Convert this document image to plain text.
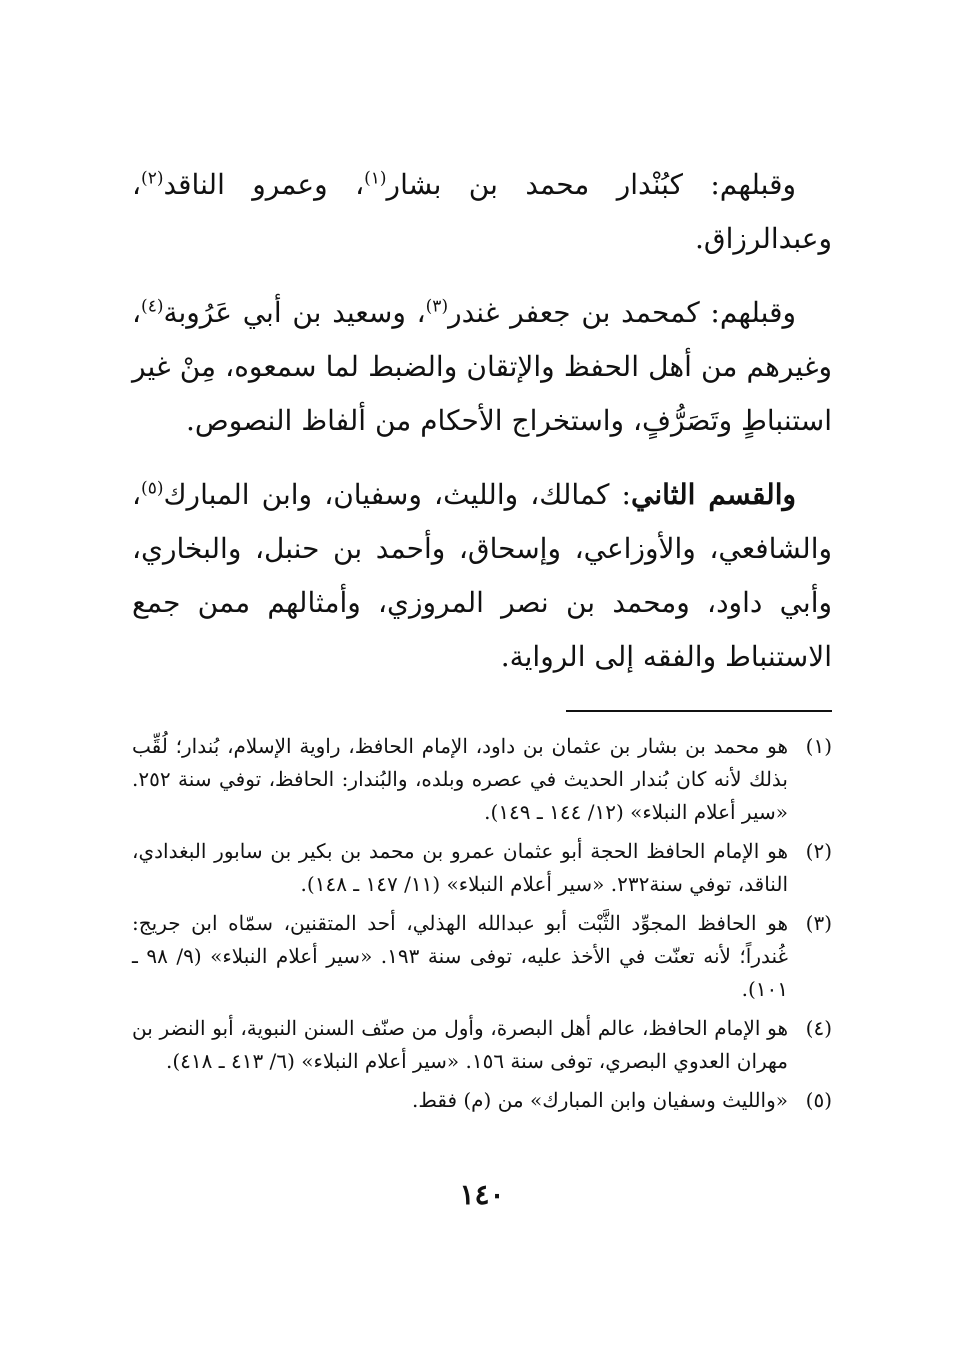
وقبلهم: كبُنْدار محمد بن بشار$^{(١)}$، وعمرو الناقد$^{(٢)}$، وعبدالرزاق.

وقبلهم: كمحمد بن جعفر غندر$^{(٣)}$، وسعيد بن أبي عَرُوبة$^{(٤)}$، وغيرهم من أهل الحفظ والإتقان والضبط لما سمعوه، مِنْ غير استنباطٍ وتَصَرُّفٍ، واستخراج الأحكام من ألفاظ النصوص.

والقسم الثاني: كمالك، والليث، وسفيان، وابن المبارك$^{(٥)}$، والشافعي، والأوزاعي، وإسحاق، وأحمد بن حنبل، والبخاري، وأبي داود، ومحمد بن نصر المروزي، وأمثالهم ممن جمع الاستنباط والفقه إلى الرواية.

(١)
هو محمد بن بشار بن عثمان بن داود، الإمام الحافظ، راوية الإسلام، بُندار؛ لُقِّب بذلك لأنه كان بُندار الحديث في عصره وبلده، والبُندار: الحافظ، توفي سنة ٢٥٢. «سير أعلام النبلاء» (١٢/ ١٤٤ ـ ١٤٩).
(٢)
هو الإمام الحافظ الحجة أبو عثمان عمرو بن محمد بن بكير بن سابور البغدادي، الناقد، توفي سنة٢٣٢. «سير أعلام النبلاء» (١١/ ١٤٧ ـ ١٤٨).
(٣)
هو الحافظ المجوِّد الثَّبْت أبو عبدالله الهذلي، أحد المتقنين، سمّاه ابن جريج: غُندراً؛ لأنه تعنّت في الأخذ عليه، توفى سنة ١٩٣. «سير أعلام النبلاء» (٩/ ٩٨ ـ ١٠١).
(٤)
هو الإمام الحافظ، عالم أهل البصرة، وأول من صنّف السنن النبوية، أبو النضر بن مهران العدوي البصري، توفى سنة ١٥٦. «سير أعلام النبلاء» (٦/ ٤١٣ ـ ٤١٨).
(٥)
«والليث وسفيان وابن المبارك» من (م) فقط.
١٤٠
